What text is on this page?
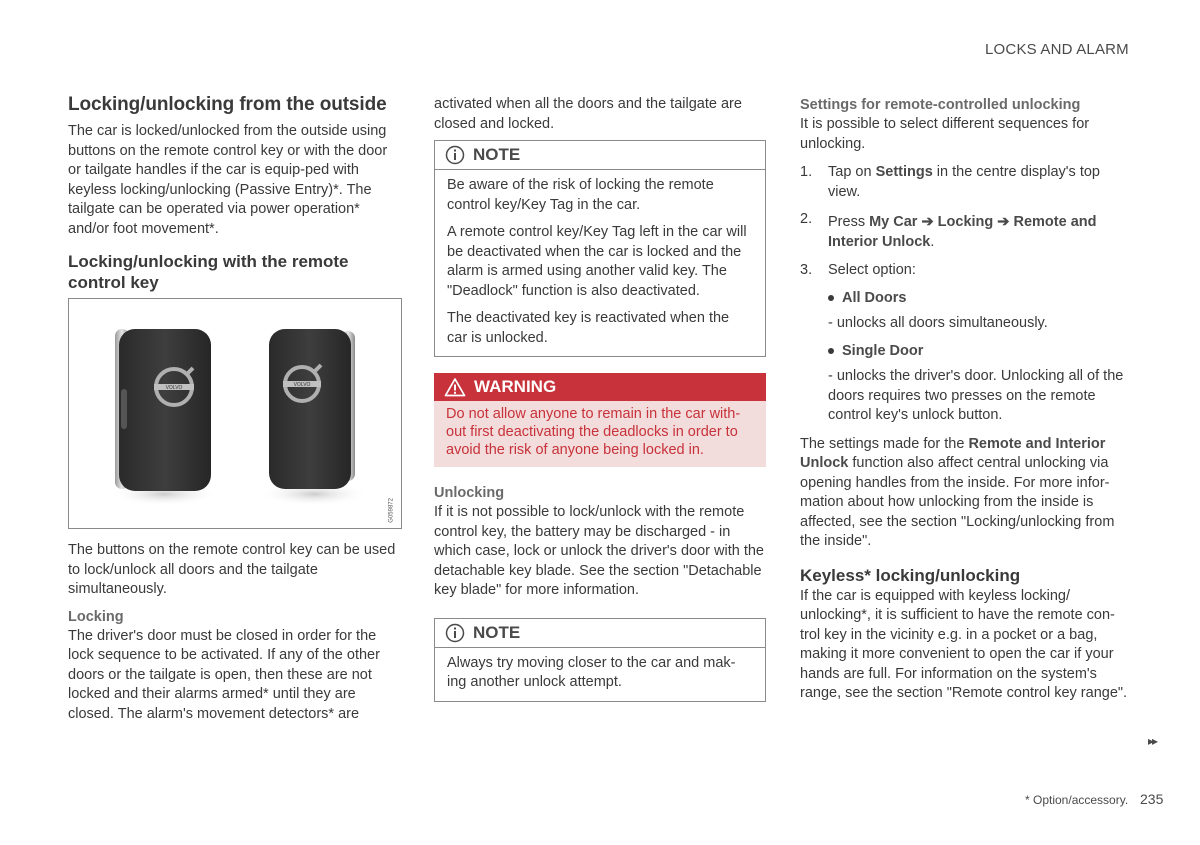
LOCKS AND ALARM
Locking/unlocking from the outside

The car is locked/unlocked from the outside using buttons on the remote control key or with the door or tailgate handles if the car is equip-ped with keyless locking/unlocking (Passive Entry)*. The tailgate can be operated via power operation* and/or foot movement*.

Locking/unlocking with the remote
control key
VOLVO	VOLVO
G059872

The buttons on the remote control key can be used to lock/unlock all doors and the tailgate simultaneously.

Locking

The driver's door must be closed in order for the lock sequence to be activated. If any of the other doors or the tailgate is open, then these are not locked and their alarms armed* until they are closed. The alarm's movement detectors* are

activated when all the doors and the tailgate are closed and locked.

NOTE

Be aware of the risk of locking the remote control key/Key Tag in the car.

A remote control key/Key Tag left in the car will be deactivated when the car is locked and the alarm is armed using another valid key. The "Deadlock" function is also deactivated.

The deactivated key is reactivated when the car is unlocked.

WARNING

Do not allow anyone to remain in the car with-out first deactivating the deadlocks in order to avoid the risk of anyone being locked in.

Unlocking

If it is not possible to lock/unlock with the remote control key, the battery may be discharged - in which case, lock or unlock the driver's door with the detachable key blade. See the section "Detachable key blade" for more information.

NOTE

Always try moving closer to the car and mak-ing another unlock attempt.

Settings for remote-controlled unlocking

It is possible to select different sequences for unlocking.

1. Tap on Settings in the centre display's top view.

2. Press My Car ➔ Locking ➔ Remote and Interior Unlock.

3. Select option:

All Doors

- unlocks all doors simultaneously.

Single Door

- unlocks the driver's door. Unlocking all of the doors requires two presses on the remote control key's unlock button.

The settings made for the Remote and Interior Unlock function also affect central unlocking via opening handles from the inside. For more infor-mation about how unlocking from the inside is affected, see the section "Locking/unlocking from the inside".

Keyless* locking/unlocking

If the car is equipped with keyless locking/ unlocking*, it is sufficient to have the remote con-trol key in the vicinity e.g. in a pocket or a bag, making it more convenient to open the car if your hands are full. For information on the system's range, see the section "Remote control key range".

▸▸
* Option/accessory. 235
